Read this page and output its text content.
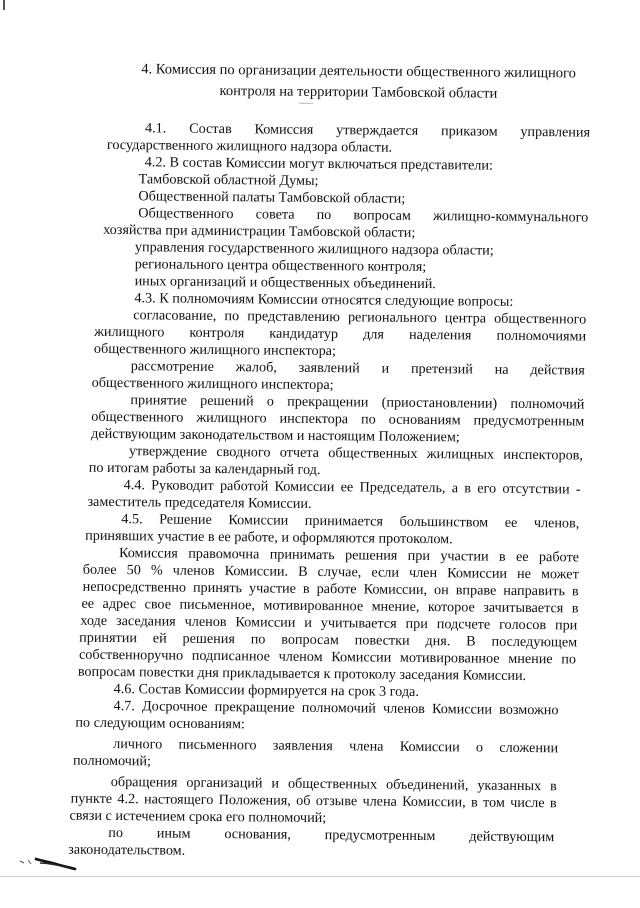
4. Комиссия по организации деятельности общественного жилищного
контроля на территории Тамбовской области

4.1. Состав Комиссия утверждается приказом управления

государственного жилищного надзора области.

4.2. В состав Комиссии могут включаться представители:

Тамбовской областной Думы;

Общественной палаты Тамбовской области;

Общественного совета по вопросам жилищно-коммунального

хозяйства при администрации Тамбовской области;

управления государственного жилищного надзора области;

регионального центра общественного контроля;

иных организаций и общественных объединений.

4.3. К полномочиям Комиссии относятся следующие вопросы:

согласование, по представлению регионального центра общественного

жилищного контроля кандидатур для наделения полномочиями

общественного жилищного инспектора;

рассмотрение жалоб, заявлений и претензий на действия

общественного жилищного инспектора;

принятие решений о прекращении (приостановлении) полномочий

общественного жилищного инспектора по основаниям предусмотренным

действующим законодательством и настоящим Положением;

утверждение сводного отчета общественных жилищных инспекторов,

по итогам работы за календарный год.

4.4. Руководит работой Комиссии ее Председатель, а в его отсутствии -

заместитель председателя Комиссии.

4.5. Решение Комиссии принимается большинством ее членов,

принявших участие в ее работе, и оформляются протоколом.

Комиссия правомочна принимать решения при участии в ее работе

более 50 % членов Комиссии. В случае, если член Комиссии не может

непосредственно принять участие в работе Комиссии, он вправе направить в

ее адрес свое письменное, мотивированное мнение, которое зачитывается в

ходе заседания членов Комиссии и учитывается при подсчете голосов при

принятии ей решения по вопросам повестки дня. В последующем

собственноручно подписанное членом Комиссии мотивированное мнение по

вопросам повестки дня прикладывается к протоколу заседания Комиссии.

4.6. Состав Комиссии формируется на срок 3 года.

4.7. Досрочное прекращение полномочий членов Комиссии возможно

по следующим основаниям:

личного письменного заявления члена Комиссии о сложении

полномочий;

обращения организаций и общественных объединений, указанных в

пункте 4.2. настоящего Положения, об отзыве члена Комиссии, в том числе в

связи с истечением срока его полномочий;

по иным основания, предусмотренным действующим

законодательством.
